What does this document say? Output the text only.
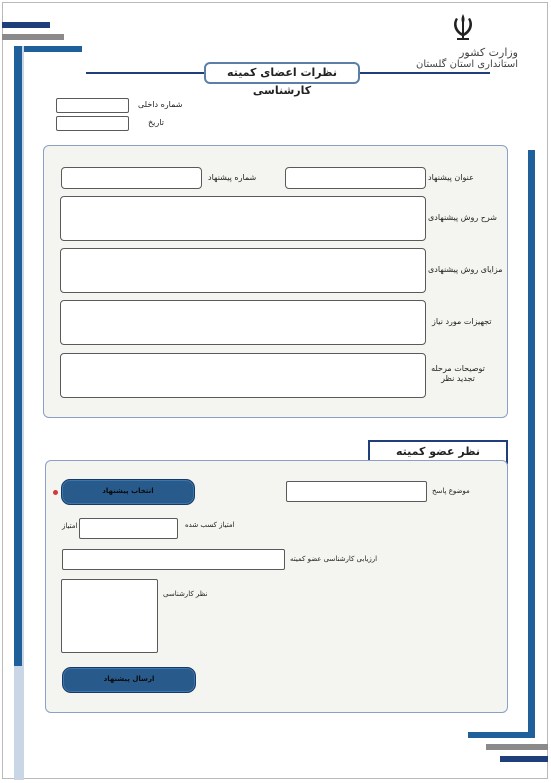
وزارت کشور
استانداری استان گلستان
نظرات اعضای کمیته کارشناسی
شماره داخلی
تاریخ
عنوان پیشنهاد
شماره پیشنهاد
شرح روش پیشنهادی
مزایای روش پیشنهادی
تجهیزات مورد نیاز
توصیحات مرحله تجدید نظر
نظر عضو کمیته
انتخاب پیشنهاد	موضوع پاسخ
امتیاز	امتیاز کسب شده
ارزیابی کارشناسی عضو کمیته
نظر کارشناسی
ارسال پیشنهاد
